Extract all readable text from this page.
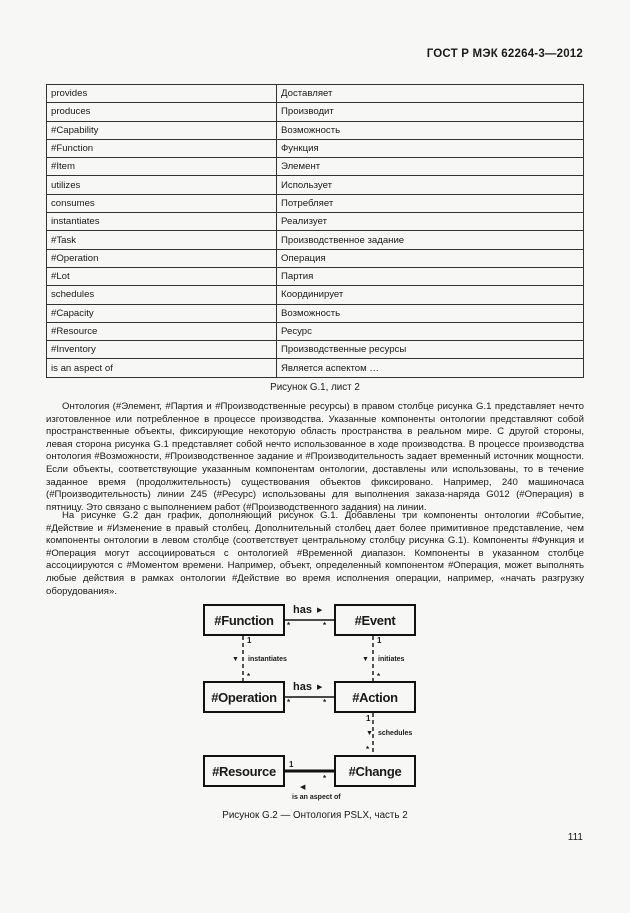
ГОСТ Р МЭК 62264-3—2012
provides	Доставляет
produces	Производит
#Capability	Возможность
#Function	Функция
#Item	Элемент
utilizes	Использует
consumes	Потребляет
instantiates	Реализует
#Task	Производственное задание
#Operation	Операция
#Lot	Партия
schedules	Координирует
#Capacity	Возможность
#Resource	Ресурс
#Inventory	Производственные ресурсы
is an aspect of	Является аспектом …
Рисунок G.1, лист 2

Онтология (#Элемент, #Партия и #Производственные ресурсы) в правом столбце рисунка G.1 представляет нечто изготовленное или потребленное в процессе производства. Указанные компоненты онтологии представляют собой пространственные объекты, фиксирующие некоторую область пространства в реальном мире. С другой стороны, левая сторона рисунка G.1 представляет собой нечто использованное в ходе производства. В процессе производства онтология #Возможности, #Производственное задание и #Производительность задает временный источник мощности. Если объекты, соответствующие указанным компонентам онтологии, доставлены или использованы, то в течение заданное время (продолжительность) существования объектов фиксировано. Например, 240 машиночаса (#Производительность) линии Z45 (#Ресурс) использованы для выполнения заказа-наряда G012 (#Операция) в пятницу. Это связано с выполнением работ (#Производственного задания) на линии.

На рисунке G.2 дан график, дополняющий рисунок G.1. Добавлены три компоненты онтологии #Событие, #Действие и #Изменение в правый столбец. Дополнительный столбец дает более примитивное представление, чем компоненты онтологии в левом столбце (соответствует центральному столбцу рисунка G.1). Компоненты #Функция и #Операция могут ассоциироваться с онтологией #Временной диапазон. Компоненты в указанном столбце ассоциируются с #Моментом времени. Например, объект, определенный компонентом #Операция, может выполнять любые действия в рамках онтологии #Действие во время исполнения операции, например, «начать разгрузку оборудования».

#Function	#Event
#Operation	#Action
#Resource	#Change
has ▶
*	*
1
▼ instantiates
*
1
▼ initiates
*
has ▶
*	*
1
▼ schedules
*
1
*
◀
is an aspect of
Рисунок G.2 — Онтология PSLX, часть 2
111
